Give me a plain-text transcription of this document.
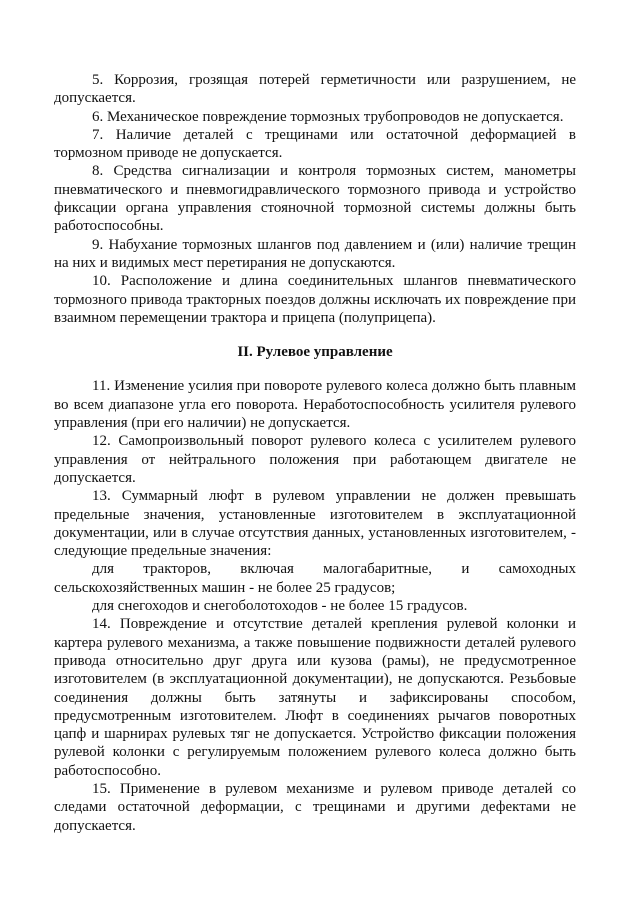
5. Коррозия, грозящая потерей герметичности или разрушением, не допускается.

6. Механическое повреждение тормозных трубопроводов не допускается.

7. Наличие деталей с трещинами или остаточной деформацией в тормозном приводе не допускается.

8. Средства сигнализации и контроля тормозных систем, манометры пневматического и пневмогидравлического тормозного привода и устройство фиксации органа управления стояночной тормозной системы должны быть работоспособны.

9. Набухание тормозных шлангов под давлением и (или) наличие трещин на них и видимых мест перетирания не допускаются.

10. Расположение и длина соединительных шлангов пневматического тормозного привода тракторных поездов должны исключать их повреждение при взаимном перемещении трактора и прицепа (полуприцепа).

II. Рулевое управление

11. Изменение усилия при повороте рулевого колеса должно быть плавным во всем диапазоне угла его поворота. Неработоспособность усилителя рулевого управления (при его наличии) не допускается.

12. Самопроизвольный поворот рулевого колеса с усилителем рулевого управления от нейтрального положения при работающем двигателе не допускается.

13. Суммарный люфт в рулевом управлении не должен превышать предельные значения, установленные изготовителем в эксплуатационной документации, или в случае отсутствия данных, установленных изготовителем, - следующие предельные значения:

для тракторов, включая малогабаритные, и самоходных

сельскохозяйственных машин - не более 25 градусов;

для снегоходов и снегоболотоходов - не более 15 градусов.

14. Повреждение и отсутствие деталей крепления рулевой колонки и картера рулевого механизма, а также повышение подвижности деталей рулевого привода относительно друг друга или кузова (рамы), не предусмотренное изготовителем (в эксплуатационной документации), не допускаются. Резьбовые соединения должны быть затянуты и зафиксированы способом, предусмотренным изготовителем. Люфт в соединениях рычагов поворотных цапф и шарнирах рулевых тяг не допускается. Устройство фиксации положения рулевой колонки с регулируемым положением рулевого колеса должно быть работоспособно.

15. Применение в рулевом механизме и рулевом приводе деталей со следами остаточной деформации, с трещинами и другими дефектами не допускается.
